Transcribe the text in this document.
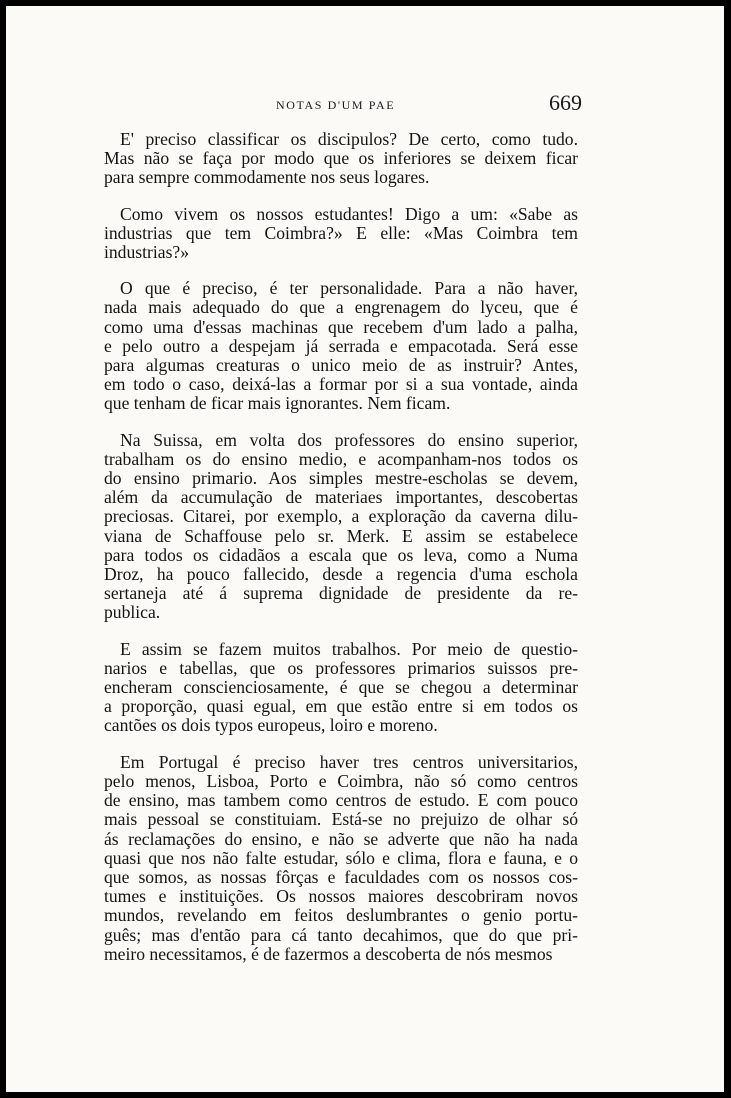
NOTAS D'UM PAE	669

E' preciso classificar os discipulos? De certo, como tudo.
Mas não se faça por modo que os inferiores se deixem ficar
para sempre commodamente nos seus logares.

Como vivem os nossos estudantes! Digo a um: «Sabe as
industrias que tem Coimbra?» E elle: «Mas Coimbra tem
industrias?»

O que é preciso, é ter personalidade. Para a não haver,
nada mais adequado do que a engrenagem do lyceu, que é
como uma d'essas machinas que recebem d'um lado a palha,
e pelo outro a despejam já serrada e empacotada. Será esse
para algumas creaturas o unico meio de as instruir? Antes,
em todo o caso, deixá-las a formar por si a sua vontade, ainda
que tenham de ficar mais ignorantes. Nem ficam.

Na Suissa, em volta dos professores do ensino superior,
trabalham os do ensino medio, e acompanham-nos todos os
do ensino primario. Aos simples mestre-escholas se devem,
além da accumulação de materiaes importantes, descobertas
preciosas. Citarei, por exemplo, a exploração da caverna dilu-
viana de Schaffouse pelo sr. Merk. E assim se estabelece
para todos os cidadãos a escala que os leva, como a Numa
Droz, ha pouco fallecido, desde a regencia d'uma eschola
sertaneja até á suprema dignidade de presidente da re-
publica.

E assim se fazem muitos trabalhos. Por meio de questio-
narios e tabellas, que os professores primarios suissos pre-
encheram conscienciosamente, é que se chegou a determinar
a proporção, quasi egual, em que estão entre si em todos os
cantões os dois typos europeus, loiro e moreno.

Em Portugal é preciso haver tres centros universitarios,
pelo menos, Lisboa, Porto e Coimbra, não só como centros
de ensino, mas tambem como centros de estudo. E com pouco
mais pessoal se constituiam. Está-se no prejuizo de olhar só
ás reclamações do ensino, e não se adverte que não ha nada
quasi que nos não falte estudar, sólo e clima, flora e fauna, e o
que somos, as nossas fôrças e faculdades com os nossos cos-
tumes e instituições. Os nossos maiores descobriram novos
mundos, revelando em feitos deslumbrantes o genio portu-
guês; mas d'então para cá tanto decahimos, que do que pri-
meiro necessitamos, é de fazermos a descoberta de nós mesmos
